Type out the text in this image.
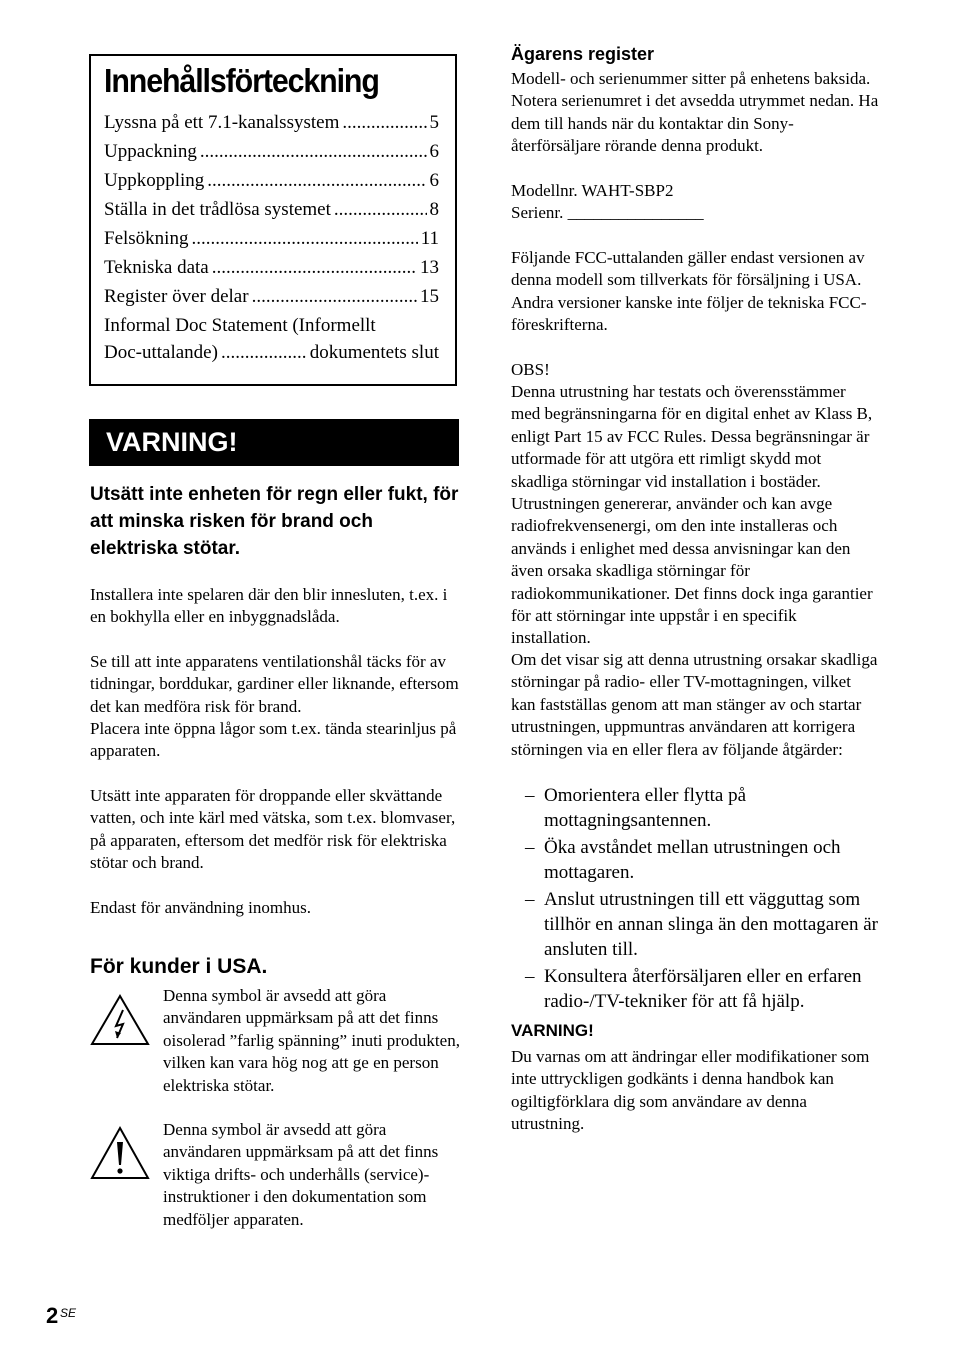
Innehållsförteckning
Lyssna på ett 7.1-kanalssystem .....	5
Uppackning .....	6
Uppkoppling .....	6
Ställa in det trådlösa systemet .....	8
Felsökning .....	11
Tekniska data .....	13
Register över delar .....	15
Informal Doc Statement (Informellt
Doc-uttalande) .....	dokumentets slut
VARNING!
Utsätt inte enheten för regn eller fukt, för att minska risken för brand och elektriska stötar.
Installera inte spelaren där den blir innesluten, t.ex. i en bokhylla eller en inbyggnadslåda.
Se till att inte apparatens ventilationshål täcks för av tidningar, borddukar, gardiner eller liknande, eftersom det kan medföra risk för brand.
Placera inte öppna lågor som t.ex. tända stearinljus på apparaten.
Utsätt inte apparaten för droppande eller skvättande vatten, och inte kärl med vätska, som t.ex. blomvaser, på apparaten, eftersom det medför risk för elektriska stötar och brand.
Endast för användning inomhus.
För kunder i USA.
Denna symbol är avsedd att göra användaren uppmärksam på att det finns oisolerad ”farlig spänning” inuti produkten, vilken kan vara hög nog att ge en person elektriska stötar.
Denna symbol är avsedd att göra användaren uppmärksam på att det finns viktiga drifts- och underhålls (service)-instruktioner i den dokumentation som medföljer apparaten.
Ägarens register
Modell- och serienummer sitter på enhetens baksida. Notera serienumret i det avsedda utrymmet nedan. Ha dem till hands när du kontaktar din Sony-återförsäljare rörande denna produkt.
Modellnr. WAHT-SBP2
Serienr. ________________
Följande FCC-uttalanden gäller endast versionen av denna modell som tillverkats för försäljning i USA. Andra versioner kanske inte följer de tekniska FCC-föreskrifterna.
OBS!
Denna utrustning har testats och överensstämmer med begränsningarna för en digital enhet av Klass B, enligt Part 15 av FCC Rules. Dessa begränsningar är utformade för att utgöra ett rimligt skydd mot skadliga störningar vid installation i bostäder. Utrustningen genererar, använder och kan avge radiofrekvensenergi, om den inte installeras och används i enlighet med dessa anvisningar kan den även orsaka skadliga störningar för radiokommunikationer. Det finns dock inga garantier för att störningar inte uppstår i en specifik installation.
Om det visar sig att denna utrustning orsakar skadliga störningar på radio- eller TV-mottagningen, vilket kan fastställas genom att man stänger av och startar utrustningen, uppmuntras användaren att korrigera störningen via en eller flera av följande åtgärder:
– Omorientera eller flytta på mottagningsantennen.
– Öka avståndet mellan utrustningen och mottagaren.
– Anslut utrustningen till ett vägguttag som tillhör en annan slinga än den mottagaren är ansluten till.
– Konsultera återförsäljaren eller en erfaren radio-/TV-tekniker för att få hjälp.
VARNING!
Du varnas om att ändringar eller modifikationer som inte uttryckligen godkänts i denna handbok kan ogiltigförklara dig som användare av denna utrustning.
2 SE
